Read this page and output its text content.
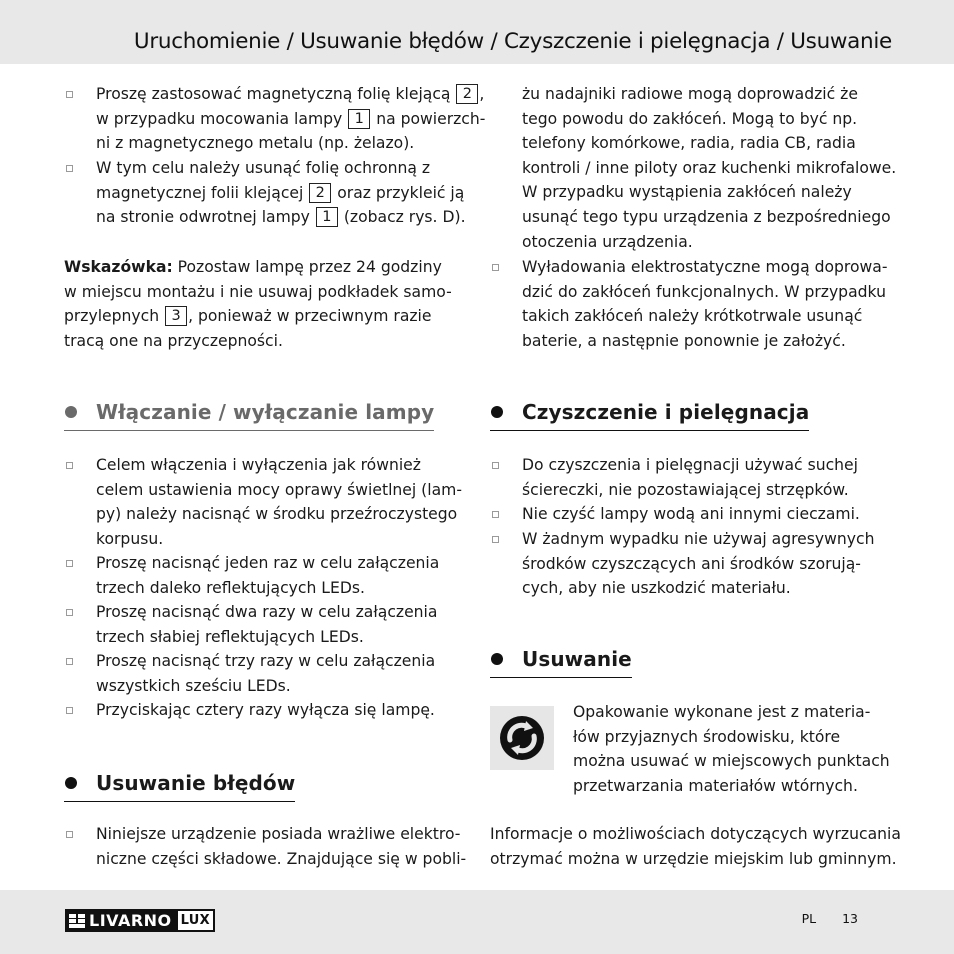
Uruchomienie / Usuwanie błędów / Czyszczenie i pielęgnacja / Usuwanie
Proszę zastosować magnetyczną folię klejącą 2 ,
w przypadku mocowania lampy 1 na powierzch-
ni z magnetycznego metalu (np. żelazo).
W tym celu należy usunąć folię ochronną z
magnetycznej folii klejącej 2 oraz przykleić ją
na stronie odwrotnej lampy 1 (zobacz rys. D).
Wskazówka: Pozostaw lampę przez 24 godziny
w miejscu montażu i nie usuwaj podkładek samo-
przylepnych 3 , ponieważ w przeciwnym razie
tracą one na przyczepności.
Włączanie / wyłączanie lampy
Celem włączenia i wyłączenia jak również
celem ustawienia mocy oprawy świetlnej (lam-
py) należy nacisnąć w środku przeźroczystego
korpusu.
Proszę nacisnąć jeden raz w celu załączenia
trzech daleko reflektujących LEDs.
Proszę nacisnąć dwa razy w celu załączenia
trzech słabiej reflektujących LEDs.
Proszę nacisnąć trzy razy w celu załączenia
wszystkich sześciu LEDs.
Przyciskając cztery razy wyłącza się lampę.
Usuwanie błędów
Niniejsze urządzenie posiada wrażliwe elektro-
niczne części składowe. Znajdujące się w pobli-
żu nadajniki radiowe mogą doprowadzić że
tego powodu do zakłóceń. Mogą to być np.
telefony komórkowe, radia, radia CB, radia
kontroli / inne piloty oraz kuchenki mikrofalowe.
W przypadku wystąpienia zakłóceń należy
usunąć tego typu urządzenia z bezpośredniego
otoczenia urządzenia.
Wyładowania elektrostatyczne mogą doprowa-
dzić do zakłóceń funkcjonalnych. W przypadku
takich zakłóceń należy krótkotrwale usunąć
baterie, a następnie ponownie je założyć.
Czyszczenie i pielęgnacja
Do czyszczenia i pielęgnacji używać suchej
ściereczki, nie pozostawiającej strzępków.
Nie czyść lampy wodą ani innymi cieczami.
W żadnym wypadku nie używaj agresywnych
środków czyszczących ani środków szorują-
cych, aby nie uszkodzić materiału.
Usuwanie
Opakowanie wykonane jest z materia-
łów przyjaznych środowisku, które
można usuwać w miejscowych punktach
przetwarzania materiałów wtórnych.
Informacje o możliwościach dotyczących wyrzucania
otrzymać można w urzędzie miejskim lub gminnym.
LIVARNO LUX	PL 13
